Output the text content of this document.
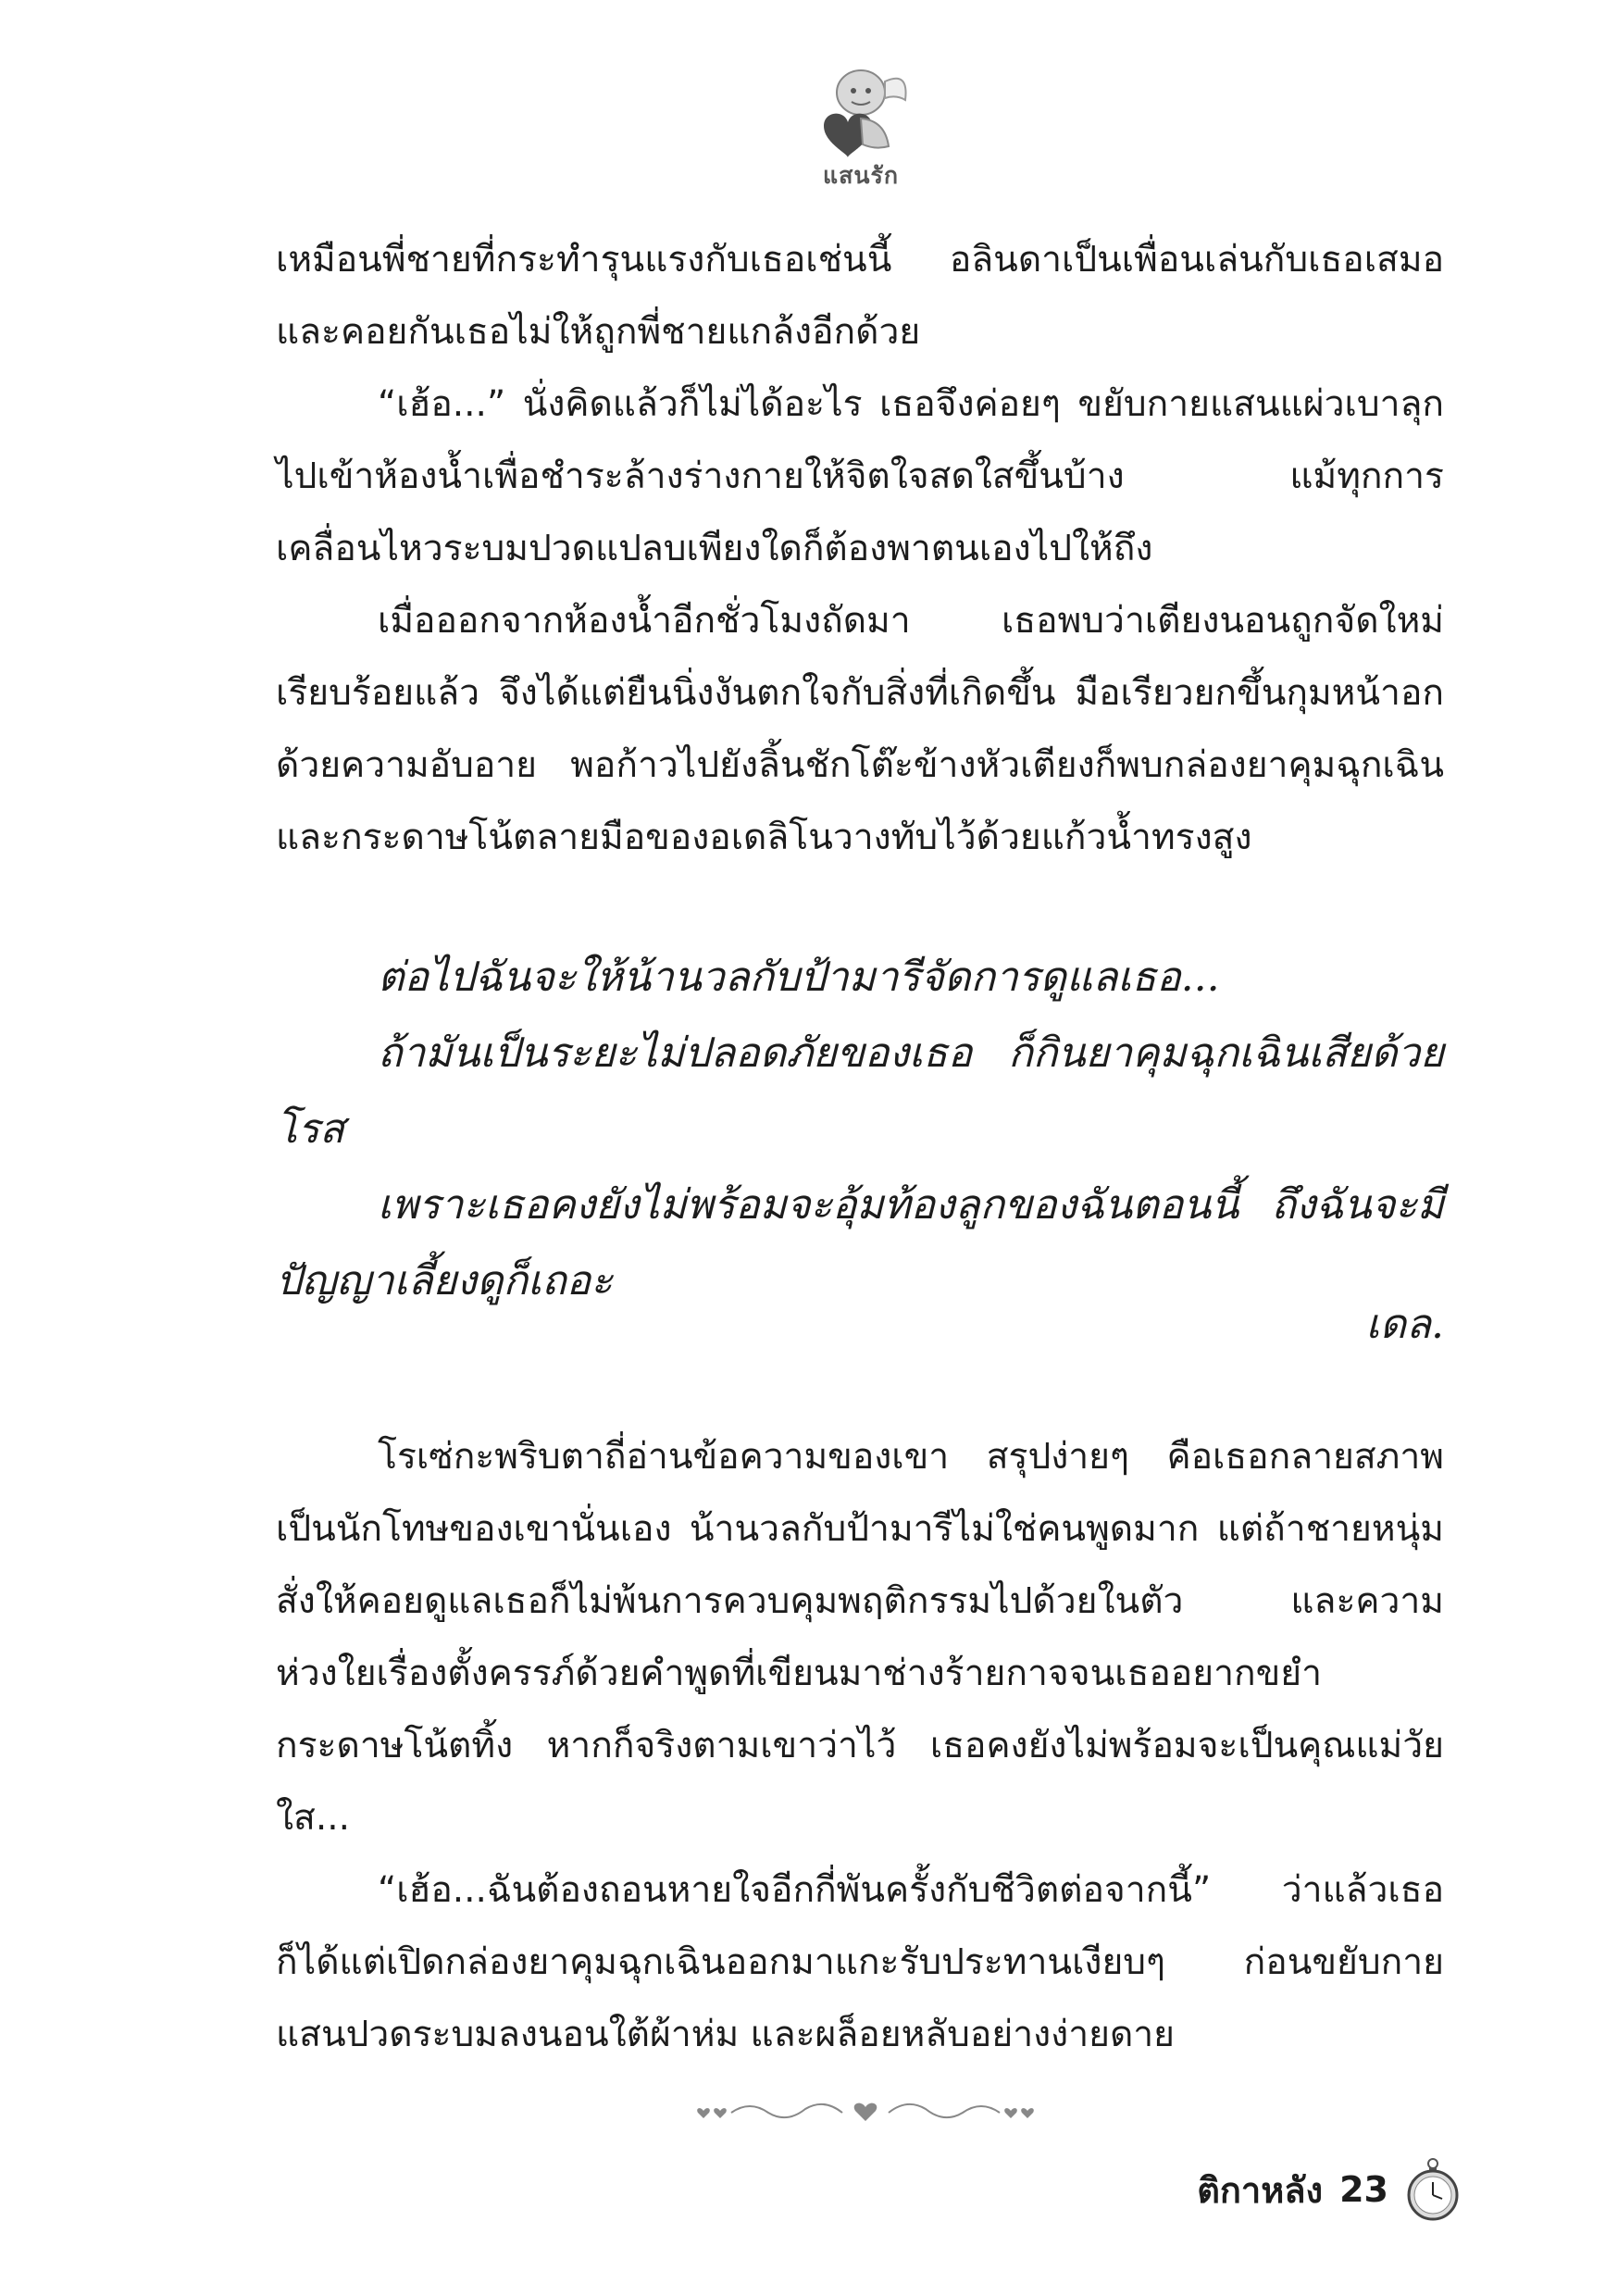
แสนรัก

เหมือนพี่ชายที่กระทำรุนแรงกับเธอเช่นนี้ อลินดาเป็นเพื่อนเล่นกับเธอเสมอและคอยกันเธอไม่ให้ถูกพี่ชายแกล้งอีกด้วย

“เฮ้อ...” นั่งคิดแล้วก็ไม่ได้อะไร เธอจึงค่อยๆ ขยับกายแสนแผ่วเบาลุกไปเข้าห้องน้ำเพื่อชำระล้างร่างกายให้จิตใจสดใสขึ้นบ้าง แม้ทุกการเคลื่อนไหวระบมปวดแปลบเพียงใดก็ต้องพาตนเองไปให้ถึง

เมื่อออกจากห้องน้ำอีกชั่วโมงถัดมา เธอพบว่าเตียงนอนถูกจัดใหม่เรียบร้อยแล้ว จึงได้แต่ยืนนิ่งงันตกใจกับสิ่งที่เกิดขึ้น มือเรียวยกขึ้นกุมหน้าอกด้วยความอับอาย พอก้าวไปยังลิ้นชักโต๊ะข้างหัวเตียงก็พบกล่องยาคุมฉุกเฉินและกระดาษโน้ตลายมือของอเดลิโนวางทับไว้ด้วยแก้วน้ำทรงสูง

ต่อไปฉันจะให้น้านวลกับป้ามารีจัดการดูแลเธอ...

ถ้ามันเป็นระยะไม่ปลอดภัยของเธอ ก็กินยาคุมฉุกเฉินเสียด้วยโรส

เพราะเธอคงยังไม่พร้อมจะอุ้มท้องลูกของฉันตอนนี้ ถึงฉันจะมีปัญญาเลี้ยงดูก็เถอะ

เดล.

โรเซ่กะพริบตาถี่อ่านข้อความของเขา สรุปง่ายๆ คือเธอกลายสภาพเป็นนักโทษของเขานั่นเอง น้านวลกับป้ามารีไม่ใช่คนพูดมาก แต่ถ้าชายหนุ่มสั่งให้คอยดูแลเธอก็ไม่พ้นการควบคุมพฤติกรรมไปด้วยในตัว และความห่วงใยเรื่องตั้งครรภ์ด้วยคำพูดที่เขียนมาช่างร้ายกาจจนเธออยากขยำกระดาษโน้ตทิ้ง หากก็จริงตามเขาว่าไว้ เธอคงยังไม่พร้อมจะเป็นคุณแม่วัยใส...

“เฮ้อ...ฉันต้องถอนหายใจอีกกี่พันครั้งกับชีวิตต่อจากนี้” ว่าแล้วเธอก็ได้แต่เปิดกล่องยาคุมฉุกเฉินออกมาแกะรับประทานเงียบๆ ก่อนขยับกายแสนปวดระบมลงนอนใต้ผ้าห่ม และผล็อยหลับอย่างง่ายดาย

ติกาหลัง 23
